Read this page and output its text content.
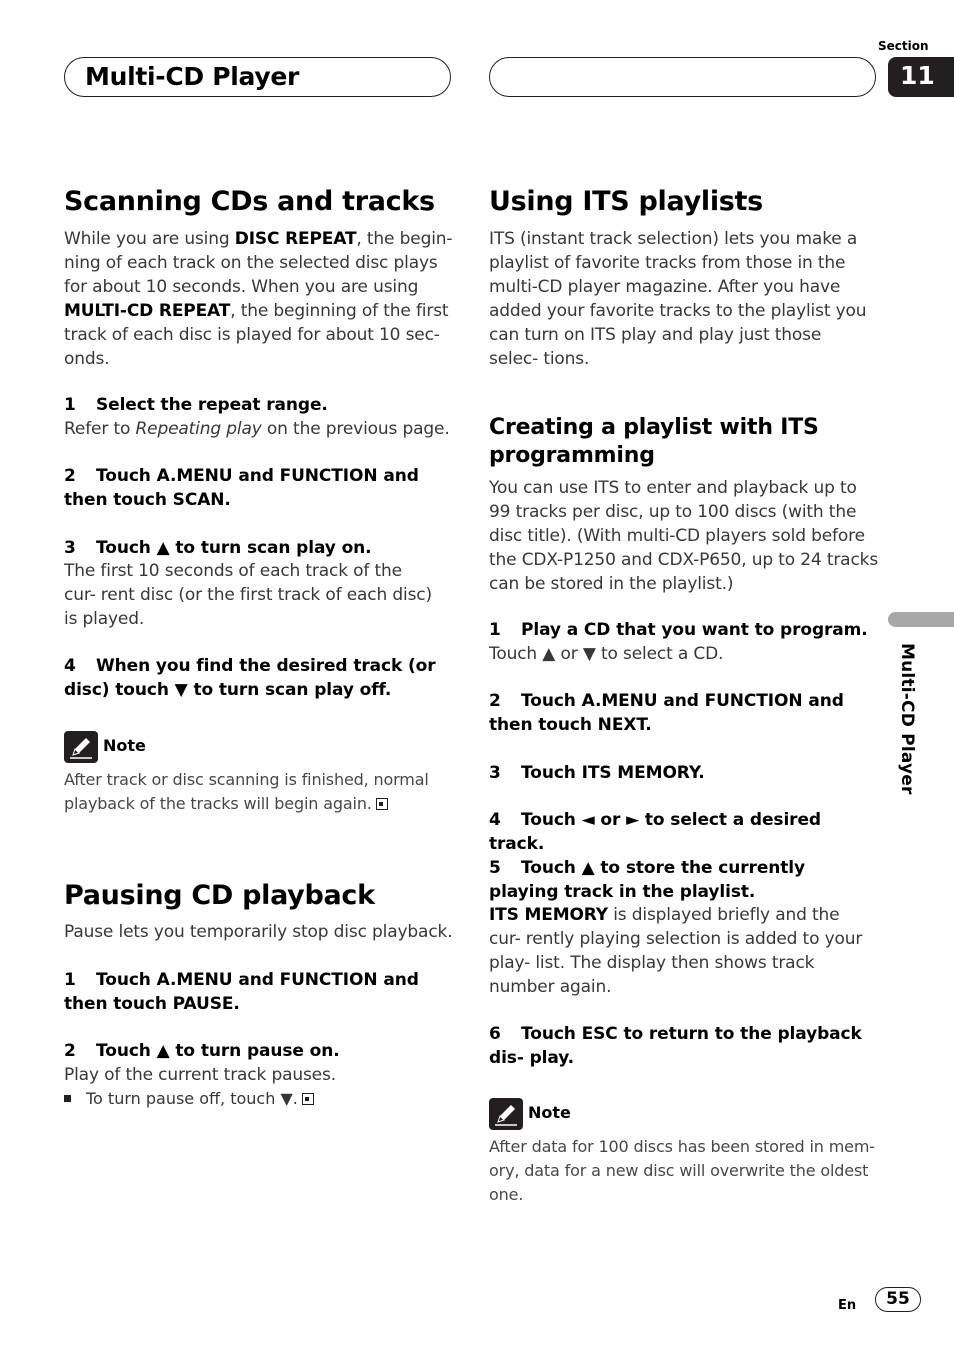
Multi-CD Player
Section
11
Scanning CDs and tracks
While you are using DISC REPEAT, the begin- ning of each track on the selected disc plays for about 10 seconds. When you are using MULTI-CD REPEAT, the beginning of the first track of each disc is played for about 10 sec- onds.
1 Select the repeat range.
Refer to Repeating play on the previous page.
2 Touch A.MENU and FUNCTION and then touch SCAN.
3 Touch ▲ to turn scan play on.
The first 10 seconds of each track of the cur- rent disc (or the first track of each disc) is played.
4 When you find the desired track (or disc) touch ▼ to turn scan play off.
Note
After track or disc scanning is finished, normal playback of the tracks will begin again.
Pausing CD playback
Pause lets you temporarily stop disc playback.
1 Touch A.MENU and FUNCTION and then touch PAUSE.
2 Touch ▲ to turn pause on.
Play of the current track pauses.
To turn pause off, touch ▼.
Using ITS playlists
ITS (instant track selection) lets you make a playlist of favorite tracks from those in the multi-CD player magazine. After you have added your favorite tracks to the playlist you can turn on ITS play and play just those selec- tions.
Creating a playlist with ITS programming
You can use ITS to enter and playback up to 99 tracks per disc, up to 100 discs (with the disc title). (With multi-CD players sold before the CDX-P1250 and CDX-P650, up to 24 tracks can be stored in the playlist.)
1 Play a CD that you want to program.
Touch ▲ or ▼ to select a CD.
2 Touch A.MENU and FUNCTION and then touch NEXT.
3 Touch ITS MEMORY.
4 Touch ◄ or ► to select a desired track.
5 Touch ▲ to store the currently playing track in the playlist.
ITS MEMORY is displayed briefly and the cur- rently playing selection is added to your play- list. The display then shows track number again.
6 Touch ESC to return to the playback dis- play.
Note
After data for 100 discs has been stored in mem- ory, data for a new disc will overwrite the oldest one.
Multi-CD Player
En	55
